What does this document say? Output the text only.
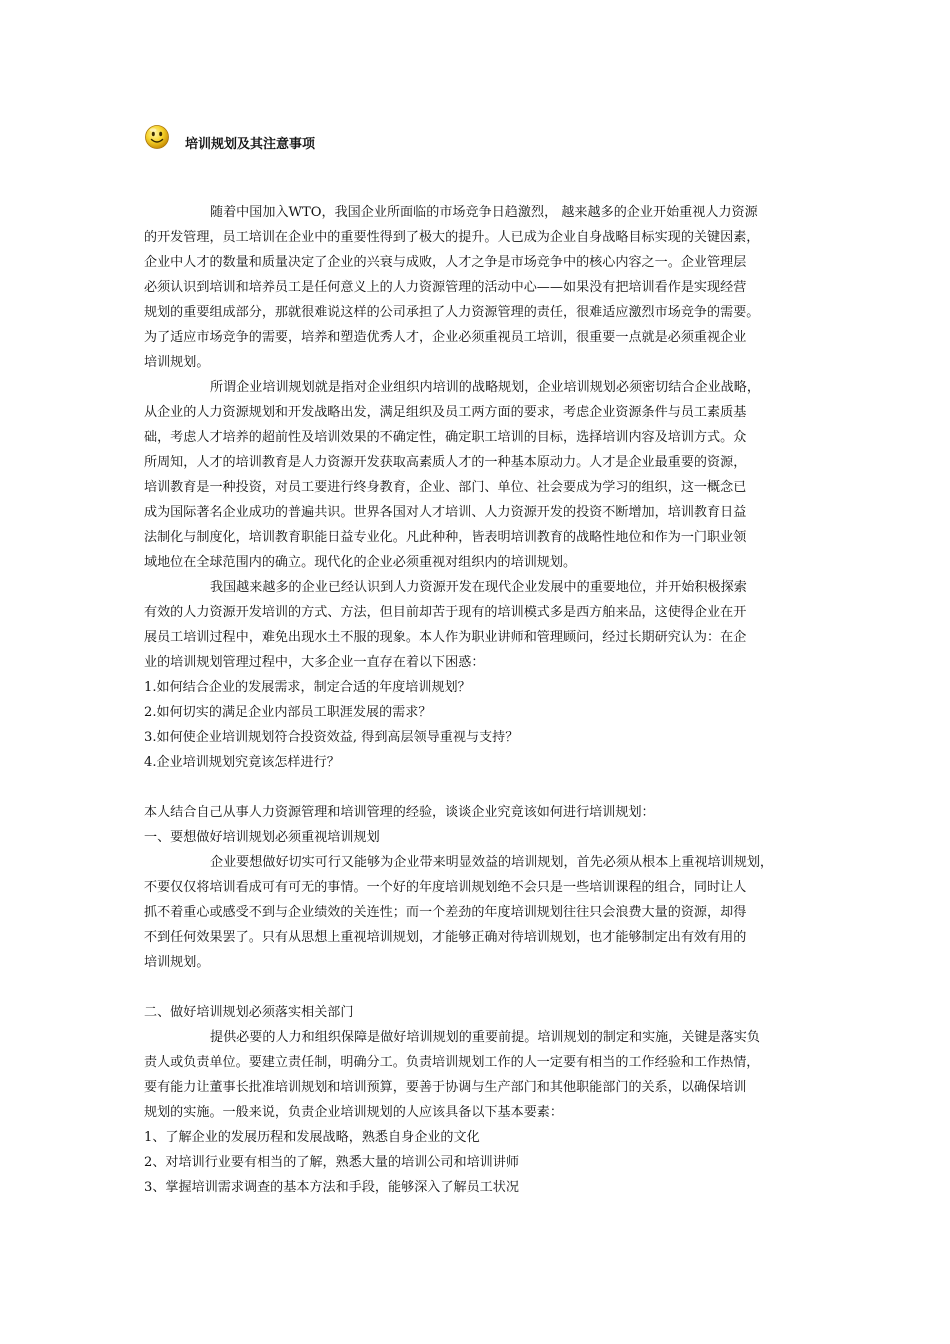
培训规划及其注意事项
随着中国加入WTO，我国企业所面临的市场竞争日趋激烈， 越来越多的企业开始重视人力资源
的开发管理，员工培训在企业中的重要性得到了极大的提升。人已成为企业自身战略目标实现的关键因素，
企业中人才的数量和质量决定了企业的兴衰与成败，人才之争是市场竞争中的核心内容之一。企业管理层
必须认识到培训和培养员工是任何意义上的人力资源管理的活动中心——如果没有把培训看作是实现经营
规划的重要组成部分，那就很难说这样的公司承担了人力资源管理的责任，很难适应激烈市场竞争的需要。
为了适应市场竞争的需要，培养和塑造优秀人才，企业必须重视员工培训，很重要一点就是必须重视企业
培训规划。
所谓企业培训规划就是指对企业组织内培训的战略规划，企业培训规划必须密切结合企业战略，
从企业的人力资源规划和开发战略出发，满足组织及员工两方面的要求，考虑企业资源条件与员工素质基
础，考虑人才培养的超前性及培训效果的不确定性，确定职工培训的目标，选择培训内容及培训方式。众
所周知，人才的培训教育是人力资源开发获取高素质人才的一种基本原动力。人才是企业最重要的资源，
培训教育是一种投资，对员工要进行终身教育，企业、部门、单位、社会要成为学习的组织，这一概念已
成为国际著名企业成功的普遍共识。世界各国对人才培训、人力资源开发的投资不断增加，培训教育日益
法制化与制度化，培训教育职能日益专业化。凡此种种，皆表明培训教育的战略性地位和作为一门职业领
域地位在全球范围内的确立。现代化的企业必须重视对组织内的培训规划。
我国越来越多的企业已经认识到人力资源开发在现代企业发展中的重要地位，并开始积极探索
有效的人力资源开发培训的方式、方法，但目前却苦于现有的培训模式多是西方舶来品，这使得企业在开
展员工培训过程中，难免出现水土不服的现象。本人作为职业讲师和管理顾问，经过长期研究认为：在企
业的培训规划管理过程中，大多企业一直存在着以下困惑：
1.如何结合企业的发展需求，制定合适的年度培训规划？
2.如何切实的满足企业内部员工职涯发展的需求？
3.如何使企业培训规划符合投资效益, 得到高层领导重视与支持？
4.企业培训规划究竟该怎样进行？
本人结合自己从事人力资源管理和培训管理的经验，谈谈企业究竟该如何进行培训规划：
一、要想做好培训规划必须重视培训规划
企业要想做好切实可行又能够为企业带来明显效益的培训规划，首先必须从根本上重视培训规划，
不要仅仅将培训看成可有可无的事情。一个好的年度培训规划绝不会只是一些培训课程的组合，同时让人
抓不着重心或感受不到与企业绩效的关连性；而一个差劲的年度培训规划往往只会浪费大量的资源，却得
不到任何效果罢了。只有从思想上重视培训规划，才能够正确对待培训规划，也才能够制定出有效有用的
培训规划。
二、做好培训规划必须落实相关部门
提供必要的人力和组织保障是做好培训规划的重要前提。培训规划的制定和实施，关键是落实负
责人或负责单位。要建立责任制，明确分工。负责培训规划工作的人一定要有相当的工作经验和工作热情，
要有能力让董事长批准培训规划和培训预算，要善于协调与生产部门和其他职能部门的关系，以确保培训
规划的实施。一般来说，负责企业培训规划的人应该具备以下基本要素：
1、了解企业的发展历程和发展战略，熟悉自身企业的文化
2、对培训行业要有相当的了解，熟悉大量的培训公司和培训讲师
3、掌握培训需求调查的基本方法和手段，能够深入了解员工状况
